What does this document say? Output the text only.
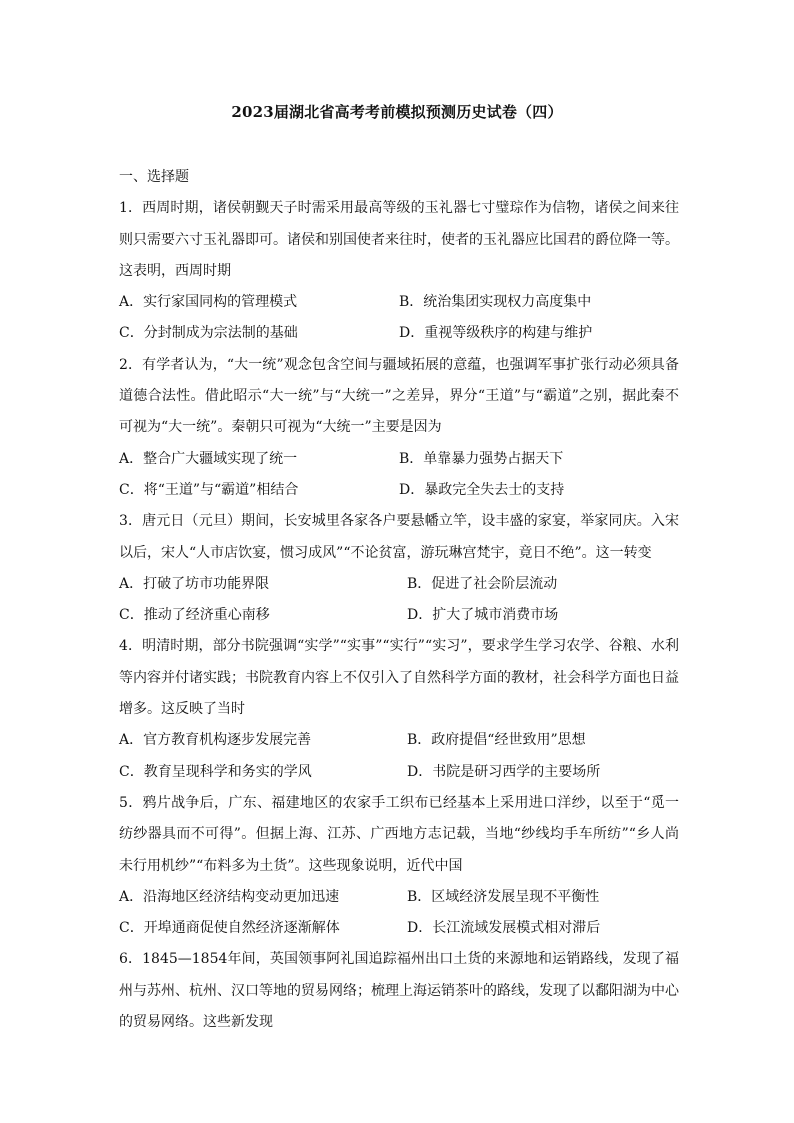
2023届湖北省高考考前模拟预测历史试卷（四）

一、选择题

1．西周时期，诸侯朝觐天子时需采用最高等级的玉礼器七寸璧琮作为信物，诸侯之间来往则只需要六寸玉礼器即可。诸侯和别国使者来往时，使者的玉礼器应比国君的爵位降一等。这表明，西周时期

A．实行家国同构的管理模式	B．统治集团实现权力高度集中
C．分封制成为宗法制的基础	D．重视等级秩序的构建与维护

2．有学者认为，“大一统”观念包含空间与疆域拓展的意蕴，也强调军事扩张行动必须具备道德合法性。借此昭示“大一统”与“大统一”之差异，界分“王道”与“霸道”之别，据此秦不可视为“大一统”。秦朝只可视为“大统一”主要是因为

A．整合广大疆域实现了统一	B．单靠暴力强势占据天下
C．将“王道”与“霸道”相结合	D．暴政完全失去士的支持

3．唐元日（元旦）期间，长安城里各家各户要悬幡立竿，设丰盛的家宴，举家同庆。入宋以后，宋人“人市店饮宴，惯习成风”“不论贫富，游玩琳宫梵宇，竟日不绝”。这一转变

A．打破了坊市功能界限	B．促进了社会阶层流动
C．推动了经济重心南移	D．扩大了城市消费市场

4．明清时期，部分书院强调“实学”“实事”“实行”“实习”，要求学生学习农学、谷粮、水利等内容并付诸实践；书院教育内容上不仅引入了自然科学方面的教材，社会科学方面也日益增多。这反映了当时

A．官方教育机构逐步发展完善	B．政府提倡“经世致用”思想
C．教育呈现科学和务实的学风	D．书院是研习西学的主要场所

5．鸦片战争后，广东、福建地区的农家手工织布已经基本上采用进口洋纱，以至于“觅一纺纱器具而不可得”。但据上海、江苏、广西地方志记载，当地“纱线均手车所纺”“乡人尚未行用机纱”“布料多为土货”。这些现象说明，近代中国

A．沿海地区经济结构变动更加迅速	B．区域经济发展呈现不平衡性
C．开埠通商促使自然经济逐渐解体	D．长江流域发展模式相对滞后

6．1845—1854年间，英国领事阿礼国追踪福州出口土货的来源地和运销路线，发现了福州与苏州、杭州、汉口等地的贸易网络；梳理上海运销茶叶的路线，发现了以鄱阳湖为中心的贸易网络。这些新发现
